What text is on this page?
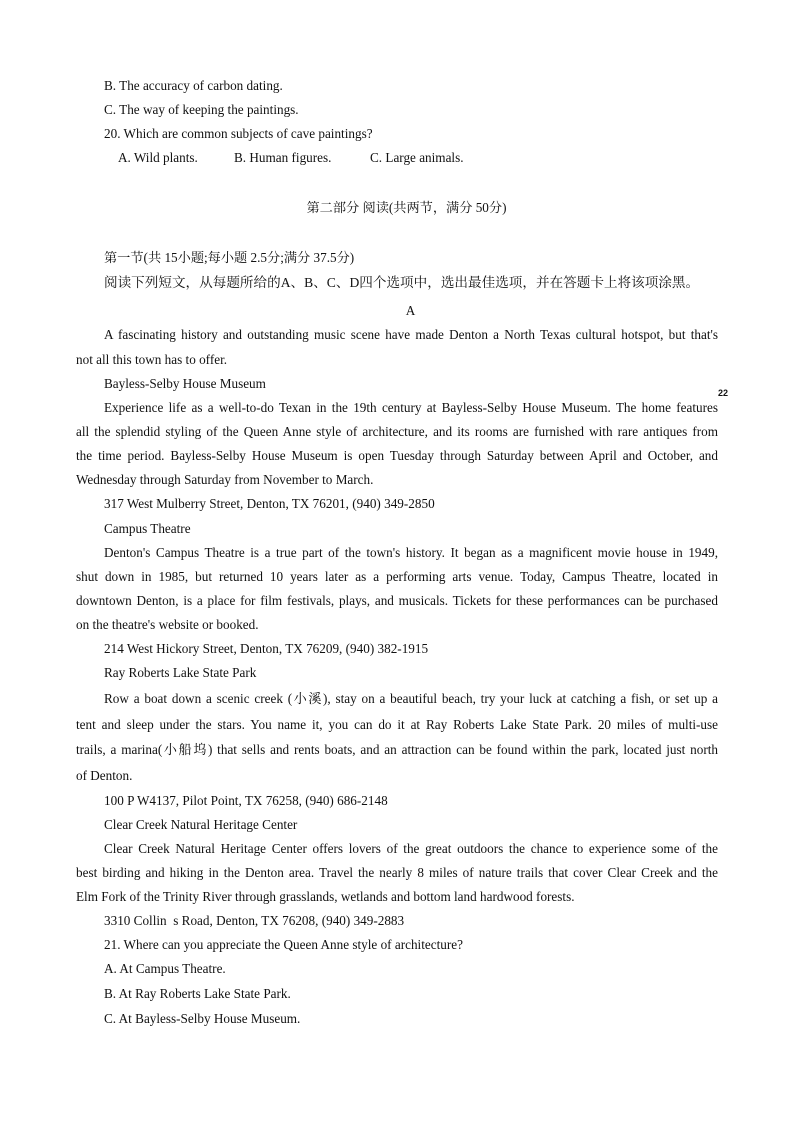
B. The accuracy of carbon dating.
C. The way of keeping the paintings.
20. Which are common subjects of cave paintings?
A. Wild plants.	B. Human figures.	C. Large animals.
第二部分 阅读(共两节，满分 50分)
第一节(共 15小题;每小题 2.5分;满分 37.5分)
阅读下列短文，从每题所给的A、B、C、D四个选项中，选出最佳选项，并在答题卡上将该项涂黑。
A
A fascinating history and outstanding music scene have made Denton a North Texas cultural hotspot, but that's
not all this town has to offer.
22
Bayless-Selby House Museum
Experience life as a well-to-do Texan in the 19th century at Bayless-Selby House Museum. The home features
all the splendid styling of the Queen Anne style of architecture, and its rooms are furnished with rare antiques from
the time period. Bayless-Selby House Museum is open Tuesday through Saturday between April and October, and
Wednesday through Saturday from November to March.
317 West Mulberry Street, Denton, TX 76201, (940) 349-2850
Campus Theatre
Denton's Campus Theatre is a true part of the town's history. It began as a magnificent movie house in 1949,
shut down in 1985, but returned 10 years later as a performing arts venue. Today, Campus Theatre, located in
downtown Denton, is a place for film festivals, plays, and musicals. Tickets for these performances can be purchased
on the theatre's website or booked.
214 West Hickory Street, Denton, TX 76209, (940) 382-1915
Ray Roberts Lake State Park
Row a boat down a scenic creek (小溪), stay on a beautiful beach, try your luck at catching a fish, or set up a
tent and sleep under the stars. You name it, you can do it at Ray Roberts Lake State Park. 20 miles of multi-use
trails, a marina(小船坞) that sells and rents boats, and an attraction can be found within the park, located just north
of Denton.
100 P W4137, Pilot Point, TX 76258, (940) 686-2148
Clear Creek Natural Heritage Center
Clear Creek Natural Heritage Center offers lovers of the great outdoors the chance to experience some of the
best birding and hiking in the Denton area. Travel the nearly 8 miles of nature trails that cover Clear Creek and the
Elm Fork of the Trinity River through grasslands, wetlands and bottom land hardwood forests.
3310 Collin  s Road, Denton, TX 76208, (940) 349-2883
21. Where can you appreciate the Queen Anne style of architecture?
A. At Campus Theatre.
B. At Ray Roberts Lake State Park.
C. At Bayless-Selby House Museum.
